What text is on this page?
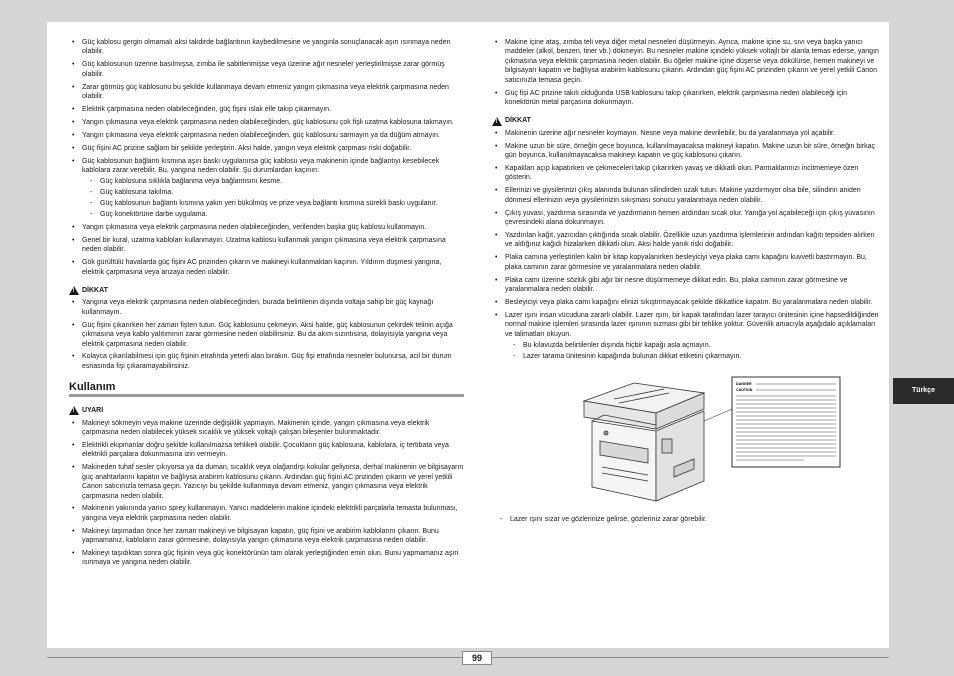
• Güç kablosu gergin olmamalı aksi takdirde bağlantının kaybedilmesine ve yangınla sonuçlanacak aşırı ısınmaya neden olabilir.
• Güç kablosunun üzerine basılmışsa, zımba ile sabitlenmişse veya üzerine ağır nesneler yerleştirilmişse zarar görmüş olabilir.
• Zarar görmüş güç kablosunu bu şekilde kullanmaya devam etmeniz yangın çıkmasına veya elektrik çarpmasına neden olabilir.
• Elektrik çarpmasına neden olabileceğinden, güç fişini ıslak elle takıp çıkarmayın.
• Yangın çıkmasına veya elektrik çarpmasına neden olabileceğinden, güç kablosunu çok fişli uzatma kablosuna takmayın.
• Yangın çıkmasına veya elektrik çarpmasına neden olabileceğinden, güç kablosunu sarmayın ya da düğüm atmayın.
• Güç fişini AC prizine sağlam bir şekilde yerleştirin. Aksi halde, yangın veya elektrik çarpması riski doğabilir.
• Güç kablosunun bağlantı kısmına aşırı baskı uygulanırsa güç kablosu veya makinenin içinde bağlantıyı kesebilecek kablolara zarar verebilir. Bu, yangına neden olabilir. Şu durumlardan kaçının:
- Güç kablosuna sıklıkla bağlanma veya bağlantısını kesme.
- Güç kablosuna takılma.
- Güç kablosunun bağlantı kısmına yakın yeri bükülmüş ve prize veya bağlantı kısmına sürekli baskı uygulanır.
- Güç konektörüne darbe uygulama.
• Yangın çıkmasına veya elektrik çarpmasına neden olabileceğinden, verilenden başka güç kablosu kullanmayın.
• Genel bir kural, uzatma kabloları kullanmayın. Uzatma kablosu kullanmak yangın çıkmasına veya elektrik çarpmasına neden olabilir.
• Gök gürültülü havalarda güç fişini AC prizinden çıkarın ve makineyi kullanmaktan kaçının. Yıldırım düşmesi yangına, elektrik çarpmasına veya arızaya neden olabilir.
!
DİKKAT
• Yangına veya elektrik çarpmasına neden olabileceğinden, burada belirtilenin dışında voltaja sahip bir güç kaynağı kullanmayın.
• Güç fişini çıkarırken her zaman fişten tutun. Güç kablosunu çekmeyin. Aksi halde, güç kablosunun çekirdek telinin açığa çıkmasına veya kablo yalıtımının zarar görmesine neden olabilirsiniz. Bu da akım sızıntısına, dolayısıyla yangına veya elektrik çarpmasına neden olabilir.
• Kolayca çıkarılabilmesi için güç fişinin etrafında yeterli alan bırakın. Güç fişi etrafında nesneler bulunursa, acil bir durum esnasında fişi çıkaramayabilirsiniz.
Kullanım
!
UYARI
• Makineyi sökmeyin veya makine üzerinde değişiklik yapmayın. Makinenin içinde, yangın çıkmasına veya elektrik çarpmasına neden olabilecek yüksek sıcaklık ve yüksek voltajlı çalışan bileşenler bulunmaktadır.
• Elektrikli ekipmanlar doğru şekilde kullanılmazsa tehlikeli olabilir. Çocukların güç kablosuna, kablolara, iç tertibata veya elektrikli parçalara dokunmasına izin vermeyin.
• Makineden tuhaf sesler çıkıyorsa ya da duman, sıcaklık veya olağandışı kokular geliyorsa, derhal makinenin ve bilgisayarın güç anahtarlarını kapatın ve bağlıysa arabirim kablosunu çıkarın. Ardından güç fişini AC prizinden çıkarın ve yerel yetkili Canon satıcınızla temasa geçin. Yazıcıyı bu şekilde kullanmaya devam etmeniz, yangın çıkmasına veya elektrik çarpmasına neden olabilir.
• Makinenin yakınında yanıcı sprey kullanmayın. Yanıcı maddelerin makine içindeki elektrikli parçalarla temasta bulunması, yangına veya elektrik çarpmasına neden olabilir.
• Makineyi taşımadan önce her zaman makineyi ve bilgisayarı kapatın, güç fişini ve arabirim kablolarını çıkarın. Bunu yapmamanız, kabloların zarar görmesine, dolayısıyla yangın çıkmasına veya elektrik çarpmasına neden olabilir.
• Makineyi taşıdıktan sonra güç fişinin veya güç konektörünün tam olarak yerleştiğinden emin olun. Bunu yapmamanız aşırı ısınmaya ve yangına neden olabilir.
• Makine içine ataş, zımba teli veya diğer metal nesneleri düşürmeyin. Ayrıca, makine içine su, sıvı veya başka yanıcı maddeler (alkol, benzen, tiner vb.) dökmeyin. Bu nesneler makine içindeki yüksek voltajlı bir alanla temas ederse, yangın çıkmasına veya elektrik çarpmasına neden olabilir. Bu öğeler makine içine düşerse veya dökülürse, hemen makineyi ve bilgisayarı kapatın ve bağlıysa arabirim kablosunu çıkarın. Ardından güç fişini AC prizinden çıkarın ve yerel yetkili Canon satıcınızla temasa geçin.
• Güç fişi AC prizine takılı olduğunda USB kablosunu takıp çıkarırken, elektrik çarpmasına neden olabileceği için konektörün metal parçasına dokunmayın.
!
DİKKAT
• Makinenin üzerine ağır nesneler koymayın. Nesne veya makine devrilebilir, bu da yaralanmaya yol açabilir.
• Makine uzun bir süre, örneğin gece boyunca, kullanılmayacaksa makineyi kapatın. Makine uzun bir süre, örneğin birkaç gün boyunca, kullanılmayacaksa makineyi kapatın ve güç kablosunu çıkarın.
• Kapakları açıp kapatırken ve çekmeceleri takıp çıkarırken yavaş ve dikkatli olun. Parmaklarınızı incitmemeye özen gösterin.
• Ellerinizi ve giysilerinizi çıkış alanında bulunan silindirden uzak tutun. Makine yazdırmıyor olsa bile, silindirin aniden dönmesi ellerinizin veya giysilerinizin sıkışması sonucu yaralanmaya neden olabilir.
• Çıkış yuvası, yazdırma sırasında ve yazdırmanın hemen ardından sıcak olur. Yanığa yol açabileceği için çıkış yuvasının çevresindeki alana dokunmayın.
• Yazdırılan kağıt, yazıcıdan çıktığında sıcak olabilir. Özellikle uzun yazdırma işlemlerinin ardından kağıtı tepsiden alırken ve aldığınız kağıdı hizalarken dikkatli olun. Aksi halde yanık riski doğabilir.
• Plaka camına yerleştirilen kalın bir kitap kopyalanırken besleyiciyi veya plaka camı kapağını kuvvetli bastırmayın. Bu, plaka camının zarar görmesine ve yaralanmalara neden olabilir.
• Plaka camı üzerine sözlük gibi ağır bir nesne düşürmemeye dikkat edin. Bu, plaka camının zarar görmesine ve yaralanmalara neden olabilir.
• Besleyiciyi veya plaka camı kapağını elinizi sıkıştırmayacak şekilde dikkatlice kapatın. Bu yaralanmalara neden olabilir.
• Lazer ışını insan vücuduna zararlı olabilir. Lazer ışını, bir kapak tarafından lazer tarayıcı ünitesinin içine hapsedildiğinden normal makine işlemleri sırasında lazer ışınının sızması gibi bir tehlike yoktur. Güvenlik amacıyla aşağıdaki açıklamaları ve talimatları okuyun.
- Bu kılavuzda belirtilenler dışında hiçbir kapağı asla açmayın.
- Lazer tarama ünitesinin kapağında bulunan dikkat etiketini çıkarmayın.
DANGER
CAUTION
- Lazer ışını sızar ve gözlerinize gelirse, gözleriniz zarar görebilir.
99
Türkçe
